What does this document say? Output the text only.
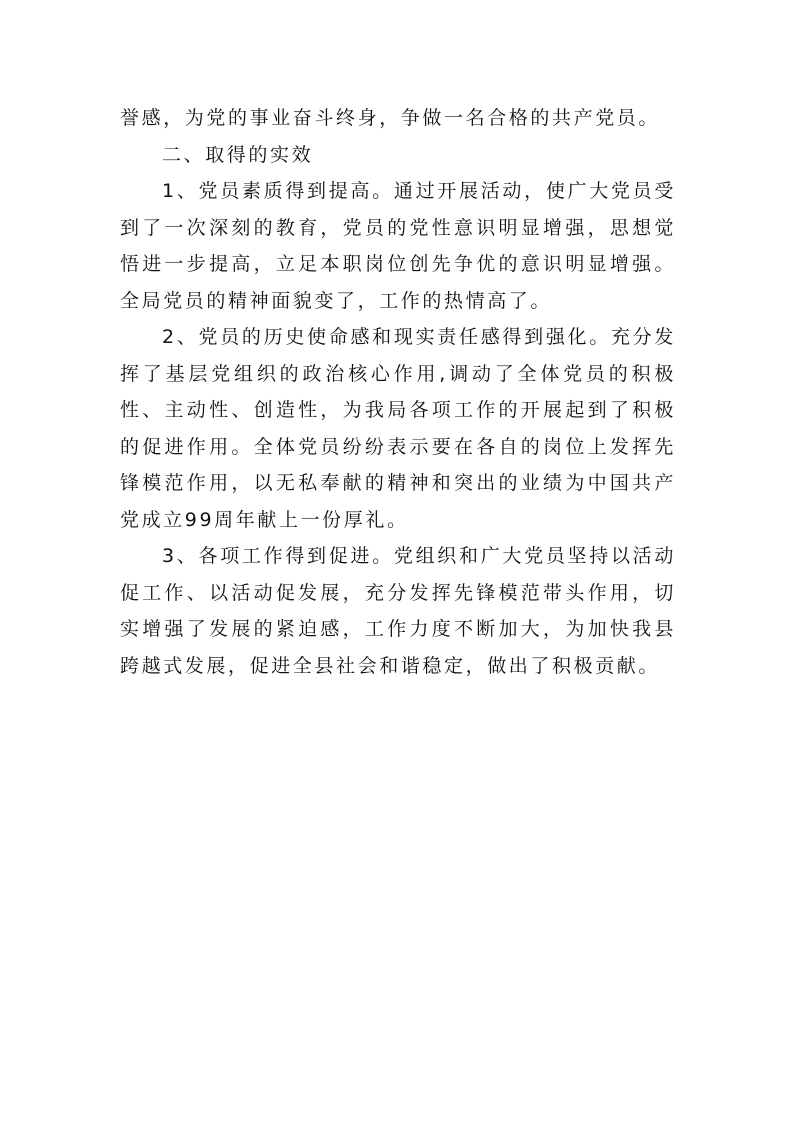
誉感，为党的事业奋斗终身，争做一名合格的共产党员。

二、取得的实效

1、党员素质得到提高。通过开展活动，使广大党员受到了一次深刻的教育，党员的党性意识明显增强，思想觉悟进一步提高，立足本职岗位创先争优的意识明显增强。全局党员的精神面貌变了，工作的热情高了。

2、党员的历史使命感和现实责任感得到强化。充分发挥了基层党组织的政治核心作用,调动了全体党员的积极性、主动性、创造性，为我局各项工作的开展起到了积极的促进作用。全体党员纷纷表示要在各自的岗位上发挥先锋模范作用，以无私奉献的精神和突出的业绩为中国共产党成立99周年献上一份厚礼。

3、各项工作得到促进。党组织和广大党员坚持以活动促工作、以活动促发展，充分发挥先锋模范带头作用，切实增强了发展的紧迫感，工作力度不断加大，为加快我县跨越式发展，促进全县社会和谐稳定，做出了积极贡献。
